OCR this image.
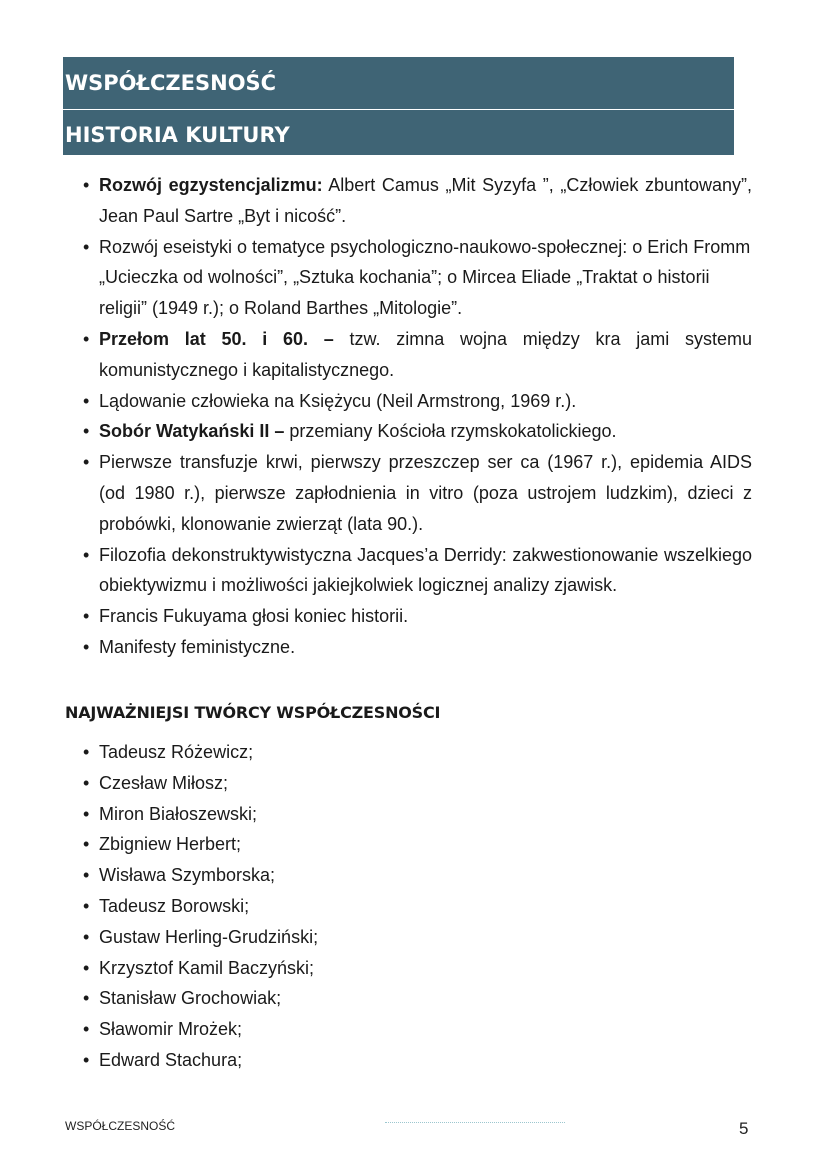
WSPÓŁCZESNOŚĆ
HISTORIA KULTURY
• Rozwój egzystencjalizmu: Albert Camus „Mit Syzyfa ”, „Człowiek zbuntowany”, Jean Paul Sartre „Byt i nicość”.
• Rozwój eseistyki o tematyce psychologiczno-naukowo-społecznej: o Erich Fromm „Ucieczka od wolności”, „Sztuka kochania”; o Mircea Eliade „Traktat o historii religii” (1949 r.); o Roland Barthes „Mitologie”.
• Przełom lat 50. i 60. – tzw. zimna wojna między kra jami systemu komunistycznego i kapitalistycznego.
• Lądowanie człowieka na Księżycu (Neil Armstrong, 1969 r.).
• Sobór Watykański II – przemiany Kościoła rzymskokatolickiego.
• Pierwsze transfuzje krwi, pierwszy przeszczep ser ca (1967 r.), epidemia AIDS (od 1980 r.), pierwsze zapłodnienia in vitro (poza ustrojem ludzkim), dzieci z probówki, klonowanie zwierząt (lata 90.).
• Filozofia dekonstruktywistyczna Jacques’a Derridy: zakwestionowanie wszelkiego obiektywizmu i możliwości jakiejkolwiek logicznej analizy zjawisk.
• Francis Fukuyama głosi koniec historii.
• Manifesty feministyczne.
NAJWAŻNIEJSI TWÓRCY WSPÓŁCZESNOŚCI
• Tadeusz Różewicz;
• Czesław Miłosz;
• Miron Białoszewski;
• Zbigniew Herbert;
• Wisława Szymborska;
• Tadeusz Borowski;
• Gustaw Herling-Grudziński;
• Krzysztof Kamil Baczyński;
• Stanisław Grochowiak;
• Sławomir Mrożek;
• Edward Stachura;
WSPÓŁCZESNOŚĆ	5
